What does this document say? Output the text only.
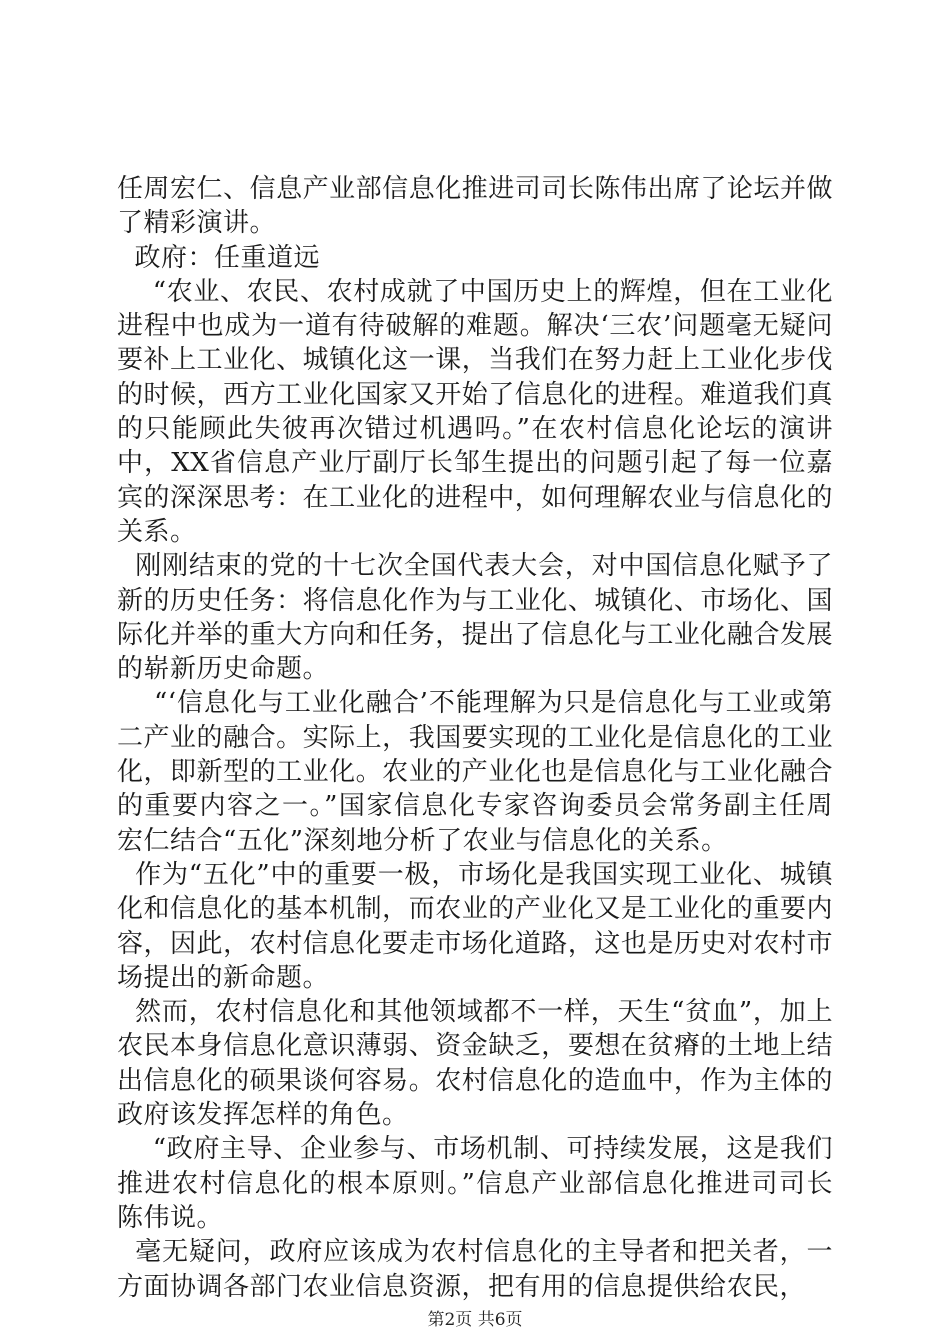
任周宏仁、信息产业部信息化推进司司长陈伟出席了论坛并做了精彩演讲。

政府：任重道远

“农业、农民、农村成就了中国历史上的辉煌，但在工业化进程中也成为一道有待破解的难题。解决‘三农’问题毫无疑问要补上工业化、城镇化这一课，当我们在努力赶上工业化步伐的时候，西方工业化国家又开始了信息化的进程。难道我们真的只能顾此失彼再次错过机遇吗。”在农村信息化论坛的演讲中，XX省信息产业厅副厅长邹生提出的问题引起了每一位嘉宾的深深思考：在工业化的进程中，如何理解农业与信息化的关系。

刚刚结束的党的十七次全国代表大会，对中国信息化赋予了新的历史任务：将信息化作为与工业化、城镇化、市场化、国际化并举的重大方向和任务，提出了信息化与工业化融合发展的崭新历史命题。

“‘信息化与工业化融合’不能理解为只是信息化与工业或第二产业的融合。实际上，我国要实现的工业化是信息化的工业化，即新型的工业化。农业的产业化也是信息化与工业化融合的重要内容之一。”国家信息化专家咨询委员会常务副主任周宏仁结合“五化”深刻地分析了农业与信息化的关系。

作为“五化”中的重要一极，市场化是我国实现工业化、城镇化和信息化的基本机制，而农业的产业化又是工业化的重要内容，因此，农村信息化要走市场化道路，这也是历史对农村市场提出的新命题。

然而，农村信息化和其他领域都不一样，天生“贫血”，加上农民本身信息化意识薄弱、资金缺乏，要想在贫瘠的土地上结出信息化的硕果谈何容易。农村信息化的造血中，作为主体的政府该发挥怎样的角色。

“政府主导、企业参与、市场机制、可持续发展，这是我们推进农村信息化的根本原则。”信息产业部信息化推进司司长陈伟说。

毫无疑问，政府应该成为农村信息化的主导者和把关者，一方面协调各部门农业信息资源，把有用的信息提供给农民，

第2页 共6页
